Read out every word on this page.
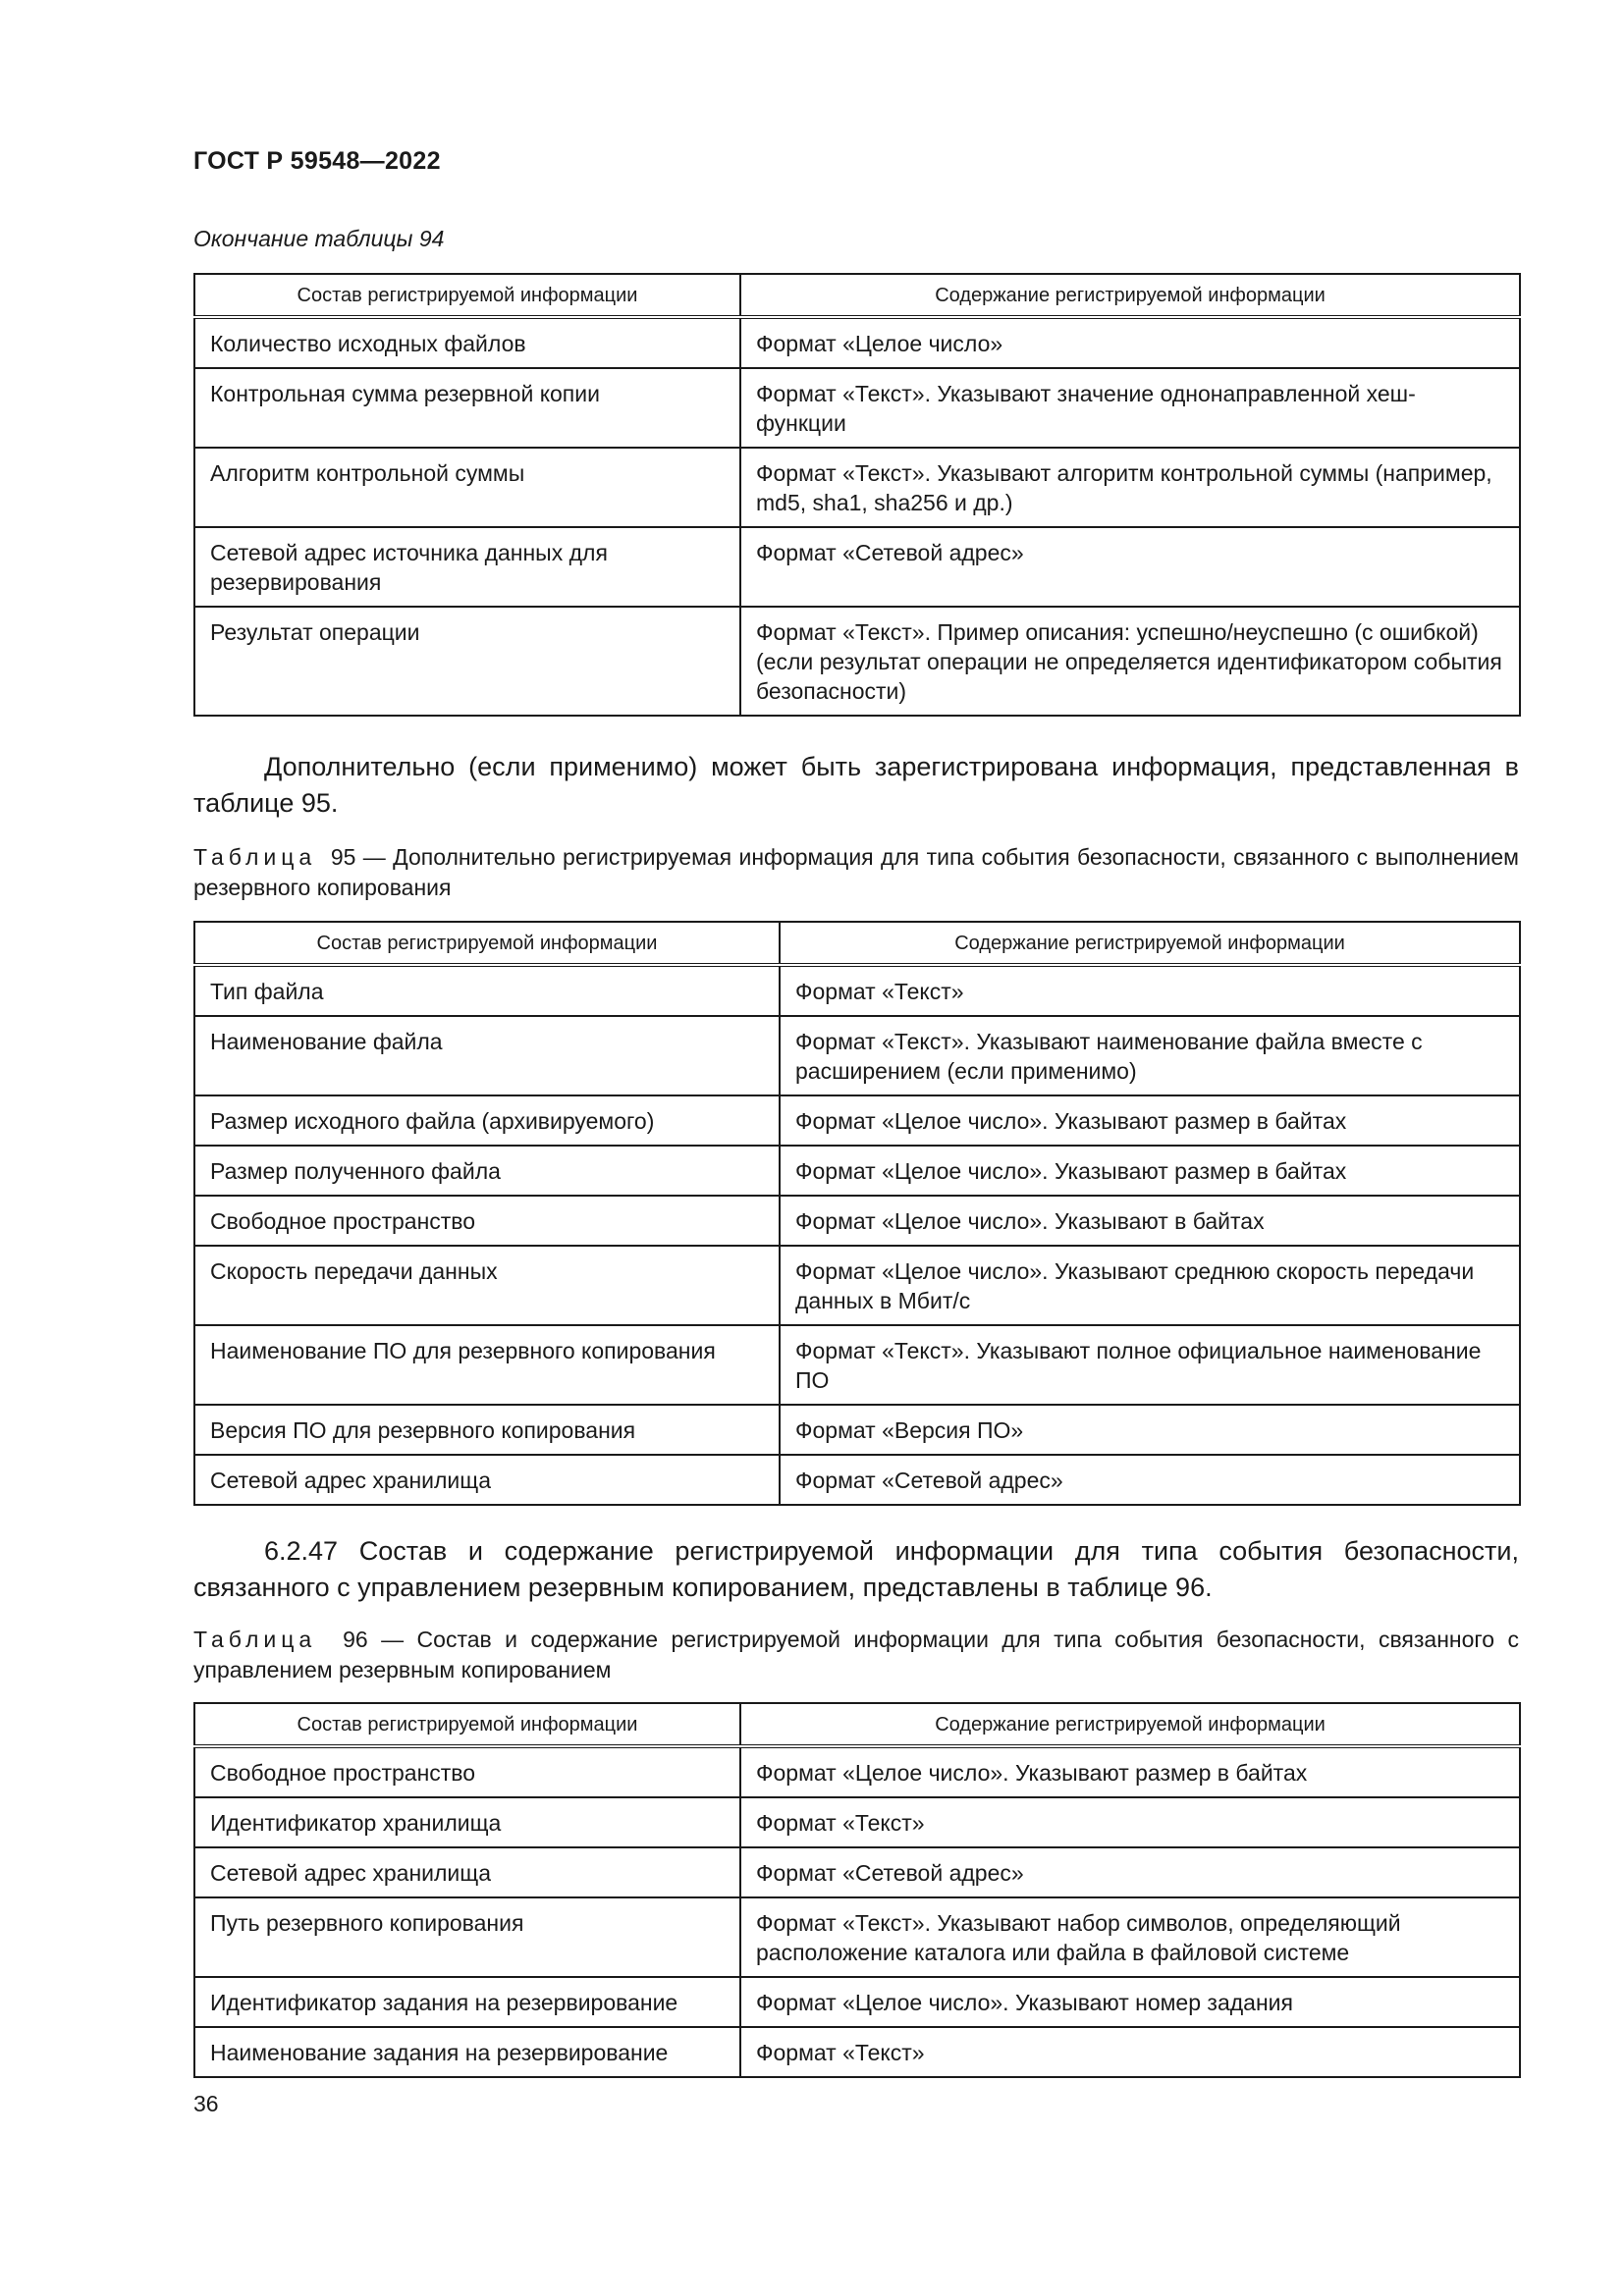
ГОСТ Р 59548—2022
Окончание таблицы 94
Состав регистрируемой информации	Содержание регистрируемой информации
Количество исходных файлов	Формат «Целое число»
Контрольная сумма резервной копии	Формат «Текст». Указывают значение однонаправленной хеш-функции
Алгоритм контрольной суммы	Формат «Текст». Указывают алгоритм контрольной суммы (например, md5, sha1, sha256 и др.)
Сетевой адрес источника данных для резервирования	Формат «Сетевой адрес»
Результат операции	Формат «Текст». Пример описания: успешно/неуспешно (с ошибкой) (если результат операции не определяется идентификатором события безопасности)
Дополнительно (если применимо) может быть зарегистрирована информация, представленная в таблице 95.
Таблица 95 — Дополнительно регистрируемая информация для типа события безопасности, связанного с выполнением резервного копирования
Состав регистрируемой информации	Содержание регистрируемой информации
Тип файла	Формат «Текст»
Наименование файла	Формат «Текст». Указывают наименование файла вместе с расширением (если применимо)
Размер исходного файла (архивируемого)	Формат «Целое число». Указывают размер в байтах
Размер полученного файла	Формат «Целое число». Указывают размер в байтах
Свободное пространство	Формат «Целое число». Указывают в байтах
Скорость передачи данных	Формат «Целое число». Указывают среднюю скорость передачи данных в Мбит/с
Наименование ПО для резервного копирования	Формат «Текст». Указывают полное официальное наименование ПО
Версия ПО для резервного копирования	Формат «Версия ПО»
Сетевой адрес хранилища	Формат «Сетевой адрес»
6.2.47 Состав и содержание регистрируемой информации для типа события безопасности, связанного с управлением резервным копированием, представлены в таблице 96.
Таблица 96 — Состав и содержание регистрируемой информации для типа события безопасности, связанного с управлением резервным копированием
Состав регистрируемой информации	Содержание регистрируемой информации
Свободное пространство	Формат «Целое число». Указывают размер в байтах
Идентификатор хранилища	Формат «Текст»
Сетевой адрес хранилища	Формат «Сетевой адрес»
Путь резервного копирования	Формат «Текст». Указывают набор символов, определяющий расположение каталога или файла в файловой системе
Идентификатор задания на резервирование	Формат «Целое число». Указывают номер задания
Наименование задания на резервирование	Формат «Текст»
36
